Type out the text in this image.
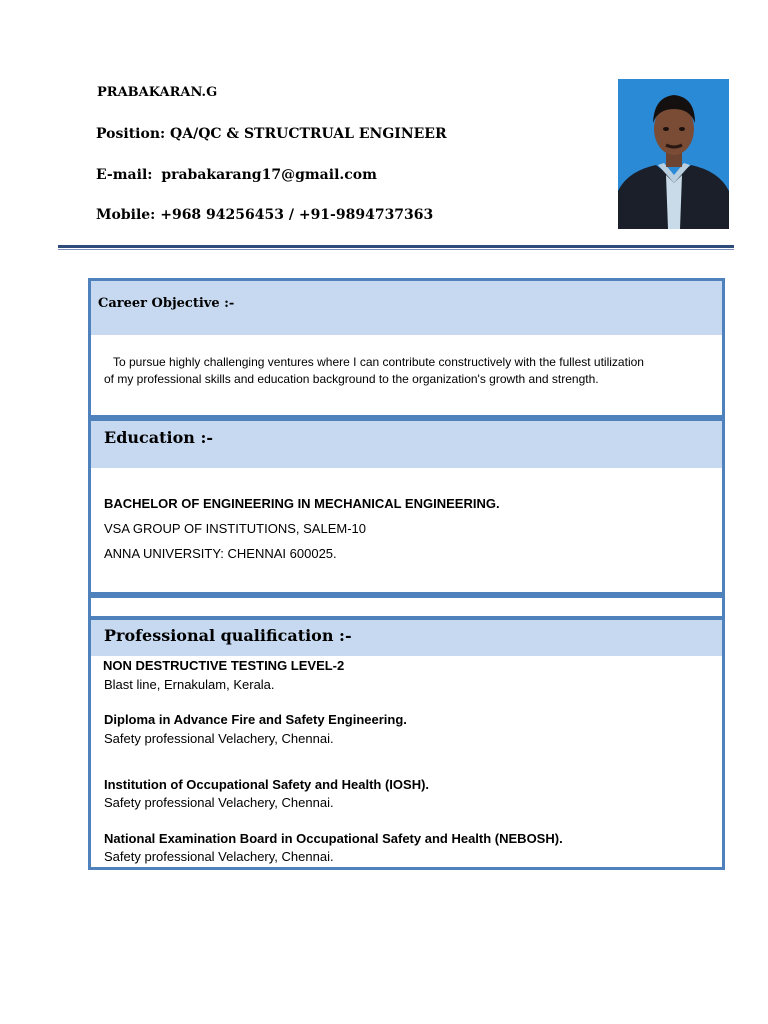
PRABAKARAN.G
Position: QA/QC & STRUCTRUAL ENGINEER
E-mail: prabakarang17@gmail.com
Mobile: +968 94256453 / +91-9894737363
Career Objective :-
To pursue highly challenging ventures where I can contribute constructively with the fullest utilization
of my professional skills and education background to the organization's growth and strength.
Education :-
BACHELOR OF ENGINEERING IN MECHANICAL ENGINEERING.
VSA GROUP OF INSTITUTIONS, SALEM-10
ANNA UNIVERSITY: CHENNAI 600025.
Professional qualification :-
NON DESTRUCTIVE TESTING LEVEL-2
Blast line, Ernakulam, Kerala.
Diploma in Advance Fire and Safety Engineering.
Safety professional Velachery, Chennai.
Institution of Occupational Safety and Health (IOSH).
Safety professional Velachery, Chennai.
National Examination Board in Occupational Safety and Health (NEBOSH).
Safety professional Velachery, Chennai.
